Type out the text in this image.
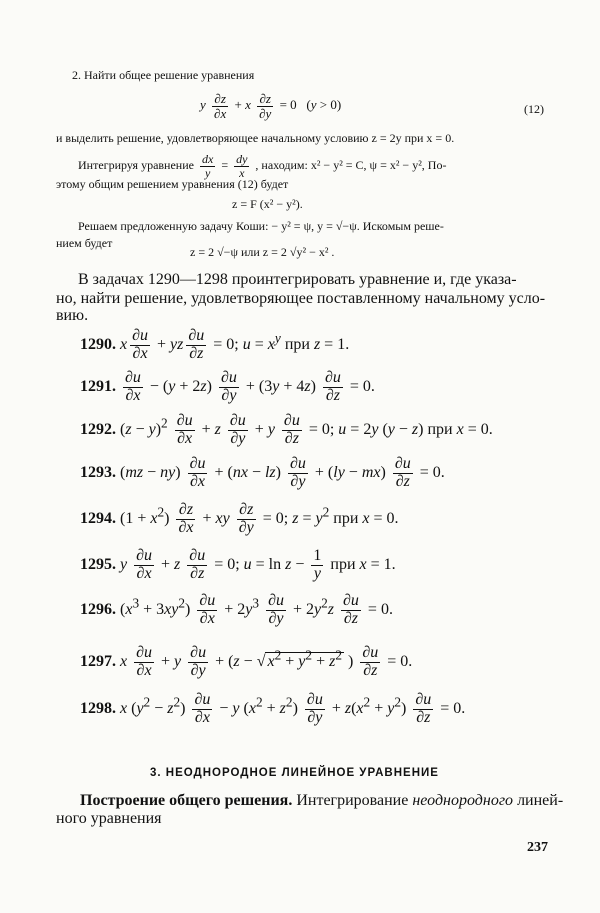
2. Найти общее решение уравнения
y $\frac{\partial z}{\partial x} + x \frac{\partial z}{\partial y} = 0$   (y > 0)	(12)
и выделить решение, удовлетворяющее начальному условию z = 2y при x = 0.
Интегрируя уравнение $\frac{dx}{y} = \frac{dy}{x}$ , находим: x² − y² = C, ψ = x² − y², По-
этому общим решением уравнения (12) будет
z = F (x² − y²).
Решаем предложенную задачу Коши: − y² = ψ, y = √−ψ. Искомым реше-
нием будет
z = 2 √−ψ или z = 2 √y² − x² .
В задачах 1290—1298 проинтегрировать уравнение и, где указа-
но, найти решение, удовлетворяющее поставленному начальному усло-
вию.
1290. x $\frac{\partial u}{\partial x}$ + yz $\frac{\partial u}{\partial z} = 0$; $u = x^y$ при z = 1.
1291. $\frac{\partial u}{\partial x} - (y + 2z) \frac{\partial u}{\partial y} + (3y + 4z) \frac{\partial u}{\partial z} = 0$.
1292. $(z - y)^2 \frac{\partial u}{\partial x} + z \frac{\partial u}{\partial y} + y \frac{\partial u}{\partial z} = 0$; u = 2y (y − z) при x = 0.
1293. $(mz - ny) \frac{\partial u}{\partial x} + (nx - lz) \frac{\partial u}{\partial y} + (ly - mx) \frac{\partial u}{\partial z} = 0$.
1294. $(1 + x^2) \frac{\partial z}{\partial x}$ + xy $\frac{\partial z}{\partial y} = 0$; $z = y^2$ при x = 0.
1295. y $\frac{\partial u}{\partial x} + z \frac{\partial u}{\partial z} = 0$; $u = \ln z - \frac{1}{y}$ при x = 1.
1296. $(x^3 + 3xy^2) \frac{\partial u}{\partial x} + 2y^3 \frac{\partial u}{\partial y} + 2y^2z \frac{\partial u}{\partial z} = 0$.
1297. x $\frac{\partial u}{\partial x} + y \frac{\partial u}{\partial y} + (z$ − √ $x^2 + y^2 + z^2$ ) $\frac{\partial u}{\partial z} = 0$.
1298. x $(y^2 - z^2) \frac{\partial u}{\partial x} - y$ $(x^2 + z^2) \frac{\partial u}{\partial y} + z(x^2 + y^2) \frac{\partial u}{\partial z} = 0$.
3. НЕОДНОРОДНОЕ ЛИНЕЙНОЕ УРАВНЕНИЕ
Построение общего решения. Интегрирование неоднородного линей-
ного уравнения
237
